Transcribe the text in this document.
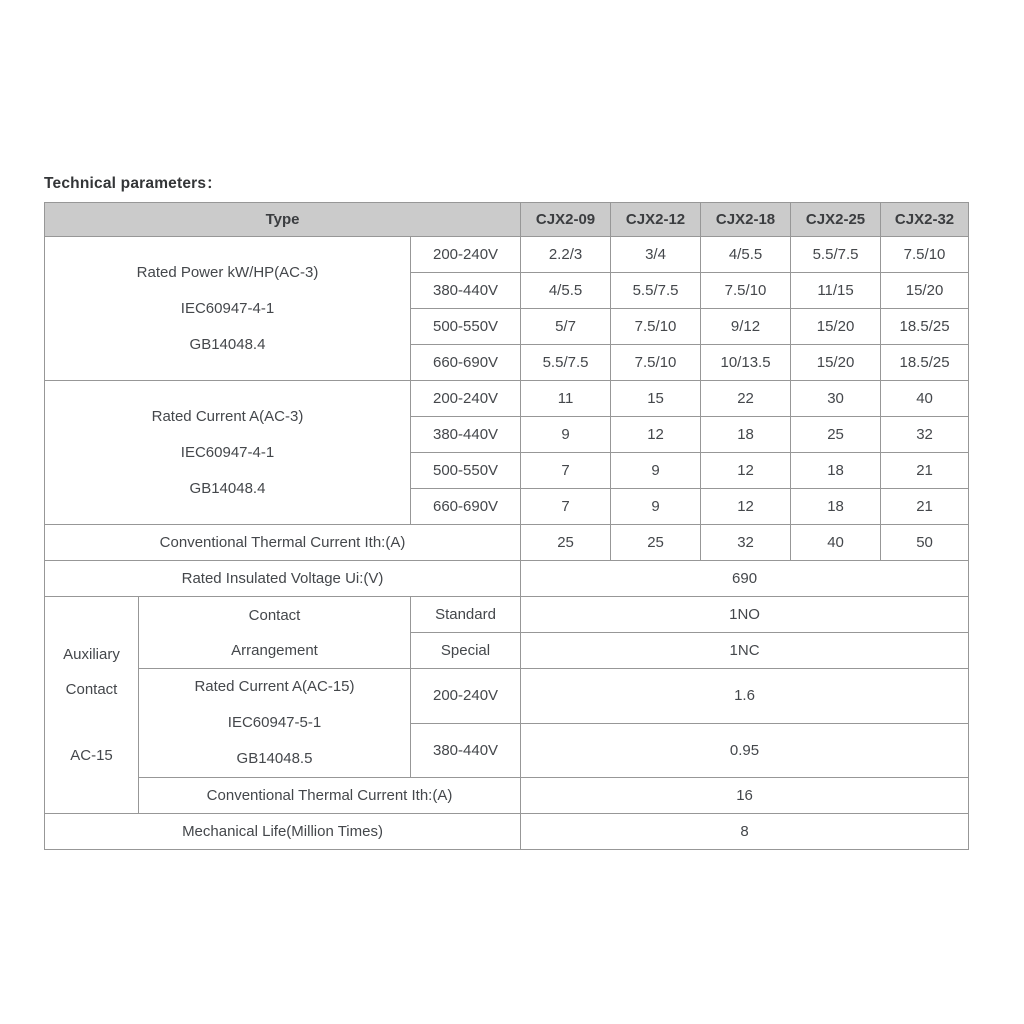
Technical parameters：
Type			CJX2-09	CJX2-12	CJX2-18	CJX2-25	CJX2-32

Rated Power kW/HP(AC-3)
IEC60947-4-1
GB14048.4		200-240V	2.2/3	3/4	4/5.5	5.5/7.5	7.5/10
		380-440V	4/5.5	5.5/7.5	7.5/10	11/15	15/20
		500-550V	5/7	7.5/10	9/12	15/20	18.5/25
		660-690V	5.5/7.5	7.5/10	10/13.5	15/20	18.5/25

Rated Current A(AC-3)
IEC60947-4-1
GB14048.4		200-240V	11	15	22	30	40
		380-440V	9	12	18	25	32
		500-550V	7	9	12	18	21
		660-690V	7	9	12	18	21
Conventional Thermal Current Ith:(A)			25	25	32	40	50
Rated Insulated Voltage Ui:(V)			690				

Auxiliary
Contact
AC-15

Contact
Arrangement
	Standard	1NO
		Special	1NC				

	Rated Current A(AC-15)
IEC60947-5-1
GB14048.5	200-240V	1.6				
		380-440V	0.95				
	Conventional Thermal Current Ith:(A)		16				
Mechanical Life(Million Times)			8				
